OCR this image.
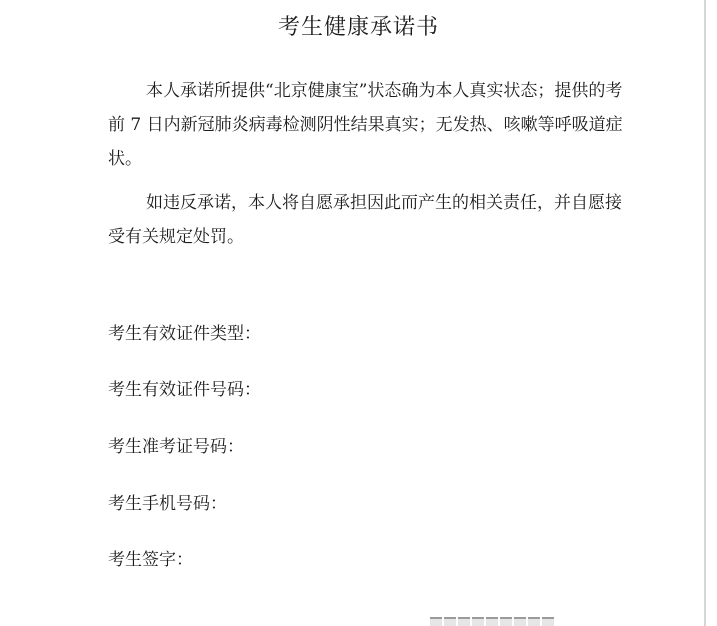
考生健康承诺书

本人承诺所提供“北京健康宝”状态确为本人真实状态；提供的考前 7 日内新冠肺炎病毒检测阴性结果真实；无发热、咳嗽等呼吸道症状。

如违反承诺，本人将自愿承担因此而产生的相关责任，并自愿接受有关规定处罚。

考生有效证件类型：
考生有效证件号码：
考生准考证号码：
考生手机号码：
考生签字：
